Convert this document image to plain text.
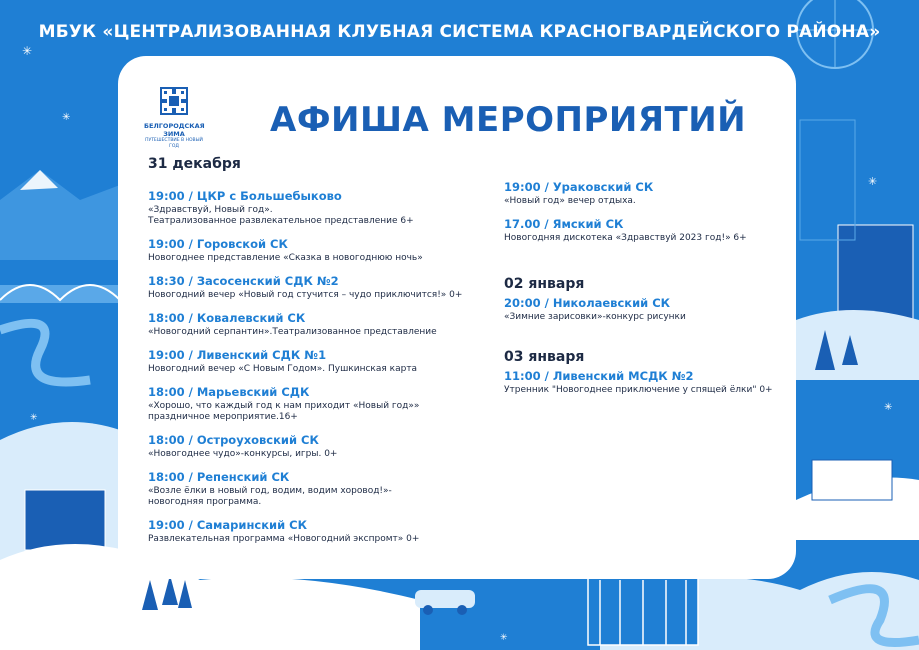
✳
✳
✳
✳
✳
✳
МБУК «ЦЕНТРАЛИЗОВАННАЯ КЛУБНАЯ СИСТЕМА КРАСНОГВАРДЕЙСКОГО РАЙОНА»
БЕЛГОРОДСКАЯ ЗИМА
ПУТЕШЕСТВИЕ В НОВЫЙ ГОД
АФИША МЕРОПРИЯТИЙ
31 декабря
19:00 / ЦКР с Большебыково
«Здравствуй, Новый год».
Театрализованное развлекательное представление 6+
19:00 / Горовской СК
Новогоднее представление «Сказка в новогоднюю ночь»
18:30 / Засосенский СДК №2
Новогодний вечер «Новый год стучится – чудо приключится!» 0+
18:00 / Ковалевский СК
«Новогодний серпантин».Театрализованное представление
19:00 / Ливенский СДК №1
Новогодний вечер «С Новым Годом». Пушкинская карта
18:00 / Марьевский СДК
«Хорошо, что каждый год к нам приходит «Новый год»»
праздничное мероприятие.16+
18:00 / Остроуховский СК
«Новогоднее чудо»-конкурсы, игры. 0+
18:00 / Репенский СК
«Возле ёлки в новый год, водим, водим хоровод!»-
новогодняя программа.
19:00 / Самаринский СК
Развлекательная программа «Новогодний экспромт» 0+
19:00 / Ураковский СК
«Новый год» вечер отдыха.
17.00 / Ямский СК
Новогодняя дискотека «Здравствуй 2023 год!» 6+
02 января
20:00 / Николаевский СК
«Зимние зарисовки»-конкурс рисунки
03 января
11:00 / Ливенский МСДК №2
Утренник "Новогоднее приключение у спящей ёлки" 0+
